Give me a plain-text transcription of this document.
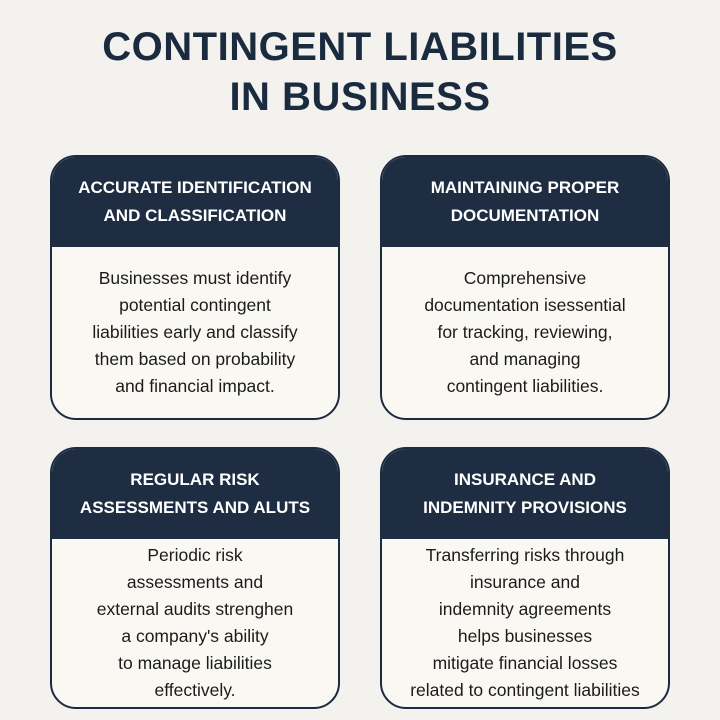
CONTINGENT LIABILITIES
IN BUSINESS
ACCURATE IDENTIFICATION
AND CLASSIFICATION
Businesses must identify
potential contingent
liabilities early and classify
them based on probability
and financial impact.
MAINTAINING PROPER
DOCUMENTATION
Comprehensive
documentation isessential
for tracking, reviewing,
and managing
contingent liabilities.
REGULAR RISK
ASSESSMENTS AND ALUTS
Periodic risk
assessments and
external audits strenghen
a company's ability
to manage liabilities
effectively.
INSURANCE AND
INDEMNITY PROVISIONS
Transferring risks through
insurance and
indemnity agreements
helps businesses
mitigate financial losses
related to contingent liabilities
